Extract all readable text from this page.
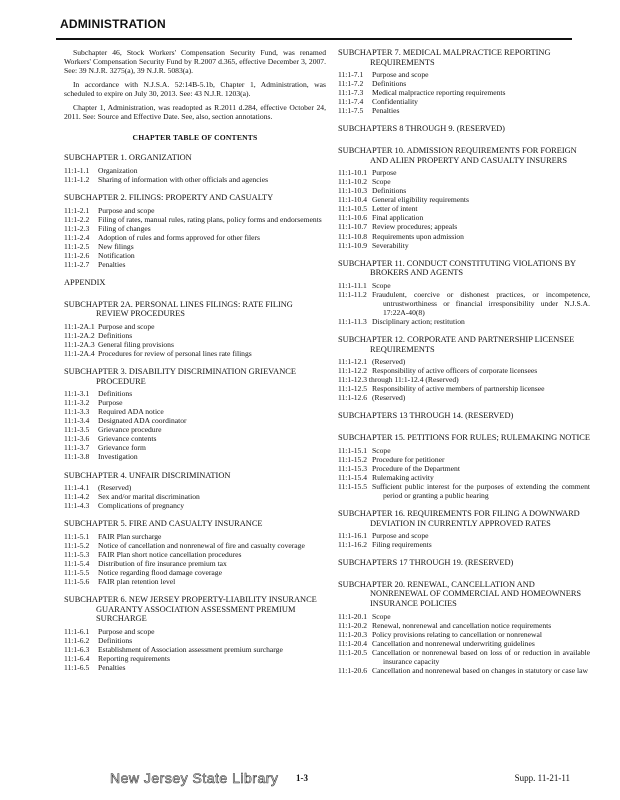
ADMINISTRATION

Subchapter 46, Stock Workers' Compensation Security Fund, was renamed Workers' Compensation Security Fund by R.2007 d.365, effective December 3, 2007. See: 39 N.J.R. 3275(a), 39 N.J.R. 5083(a).

In accordance with N.J.S.A. 52:14B-5.1b, Chapter 1, Administration, was scheduled to expire on July 30, 2013. See: 43 N.J.R. 1203(a).

Chapter 1, Administration, was readopted as R.2011 d.284, effective October 24, 2011. See: Source and Effective Date. See, also, section annotations.

CHAPTER TABLE OF CONTENTS
SUBCHAPTER 1. ORGANIZATION
11:1-1.1	Organization
11:1-1.2	Sharing of information with other officials and agencies
SUBCHAPTER 2. FILINGS: PROPERTY AND CASUALTY
11:1-2.1	Purpose and scope
11:1-2.2	Filing of rates, manual rules, rating plans, policy forms and endorsements
11:1-2.3	Filing of changes
11:1-2.4	Adoption of rules and forms approved for other filers
11:1-2.5	New filings
11:1-2.6	Notification
11:1-2.7	Penalties
APPENDIX
SUBCHAPTER 2A. PERSONAL LINES FILINGS: RATE FILING REVIEW PROCEDURES
11:1-2A.1 Purpose and scope
11:1-2A.2 Definitions
11:1-2A.3 General filing provisions
11:1-2A.4 Procedures for review of personal lines rate filings
SUBCHAPTER 3. DISABILITY DISCRIMINATION GRIEVANCE PROCEDURE
11:1-3.1	Definitions
11:1-3.2	Purpose
11:1-3.3	Required ADA notice
11:1-3.4	Designated ADA coordinator
11:1-3.5	Grievance procedure
11:1-3.6	Grievance contents
11:1-3.7	Grievance form
11:1-3.8	Investigation
SUBCHAPTER 4. UNFAIR DISCRIMINATION
11:1-4.1	(Reserved)
11:1-4.2	Sex and/or marital discrimination
11:1-4.3	Complications of pregnancy
SUBCHAPTER 5. FIRE AND CASUALTY INSURANCE
11:1-5.1	FAIR Plan surcharge
11:1-5.2	Notice of cancellation and nonrenewal of fire and casualty coverage
11:1-5.3	FAIR Plan short notice cancellation procedures
11:1-5.4	Distribution of fire insurance premium tax
11:1-5.5	Notice regarding flood damage coverage
11:1-5.6	FAIR plan retention level
SUBCHAPTER 6. NEW JERSEY PROPERTY-LIABILITY INSURANCE GUARANTY ASSOCIATION ASSESSMENT PREMIUM SURCHARGE
11:1-6.1	Purpose and scope
11:1-6.2	Definitions
11:1-6.3	Establishment of Association assessment premium surcharge
11:1-6.4	Reporting requirements
11:1-6.5	Penalties
SUBCHAPTER 7. MEDICAL MALPRACTICE REPORTING REQUIREMENTS
11:1-7.1	Purpose and scope
11:1-7.2	Definitions
11:1-7.3	Medical malpractice reporting requirements
11:1-7.4	Confidentiality
11:1-7.5	Penalties
SUBCHAPTERS 8 THROUGH 9. (RESERVED)
SUBCHAPTER 10. ADMISSION REQUIREMENTS FOR FOREIGN AND ALIEN PROPERTY AND CASUALTY INSURERS
11:1-10.1 Purpose
11:1-10.2 Scope
11:1-10.3 Definitions
11:1-10.4 General eligibility requirements
11:1-10.5 Letter of intent
11:1-10.6 Final application
11:1-10.7 Review procedures; appeals
11:1-10.8 Requirements upon admission
11:1-10.9 Severability
SUBCHAPTER 11. CONDUCT CONSTITUTING VIOLATIONS BY BROKERS AND AGENTS
11:1-11.1 Scope
11:1-11.2 Fraudulent, coercive or dishonest practices, or incompetence, untrustworthiness or financial irresponsibility under N.J.S.A. 17:22A-40(8)
11:1-11.3 Disciplinary action; restitution
SUBCHAPTER 12. CORPORATE AND PARTNERSHIP LICENSEE REQUIREMENTS
11:1-12.1 (Reserved)
11:1-12.2 Responsibility of active officers of corporate licensees
11:1-12.3 through 11:1-12.4 (Reserved)
11:1-12.5 Responsibility of active members of partnership licensee
11:1-12.6 (Reserved)
SUBCHAPTERS 13 THROUGH 14. (RESERVED)
SUBCHAPTER 15. PETITIONS FOR RULES; RULEMAKING NOTICE
11:1-15.1 Scope
11:1-15.2 Procedure for petitioner
11:1-15.3 Procedure of the Department
11:1-15.4 Rulemaking activity
11:1-15.5 Sufficient public interest for the purposes of extending the comment period or granting a public hearing
SUBCHAPTER 16. REQUIREMENTS FOR FILING A DOWNWARD DEVIATION IN CURRENTLY APPROVED RATES
11:1-16.1 Purpose and scope
11:1-16.2 Filing requirements
SUBCHAPTERS 17 THROUGH 19. (RESERVED)
SUBCHAPTER 20. RENEWAL, CANCELLATION AND NONRENEWAL OF COMMERCIAL AND HOMEOWNERS INSURANCE POLICIES
11:1-20.1 Scope
11:1-20.2 Renewal, nonrenewal and cancellation notice requirements
11:1-20.3 Policy provisions relating to cancellation or nonrenewal
11:1-20.4 Cancellation and nonrenewal underwriting guidelines
11:1-20.5 Cancellation or nonrenewal based on loss of or reduction in available insurance capacity
11:1-20.6 Cancellation and nonrenewal based on changes in statutory or case law
New Jersey State Library 1-3	Supp. 11-21-11
